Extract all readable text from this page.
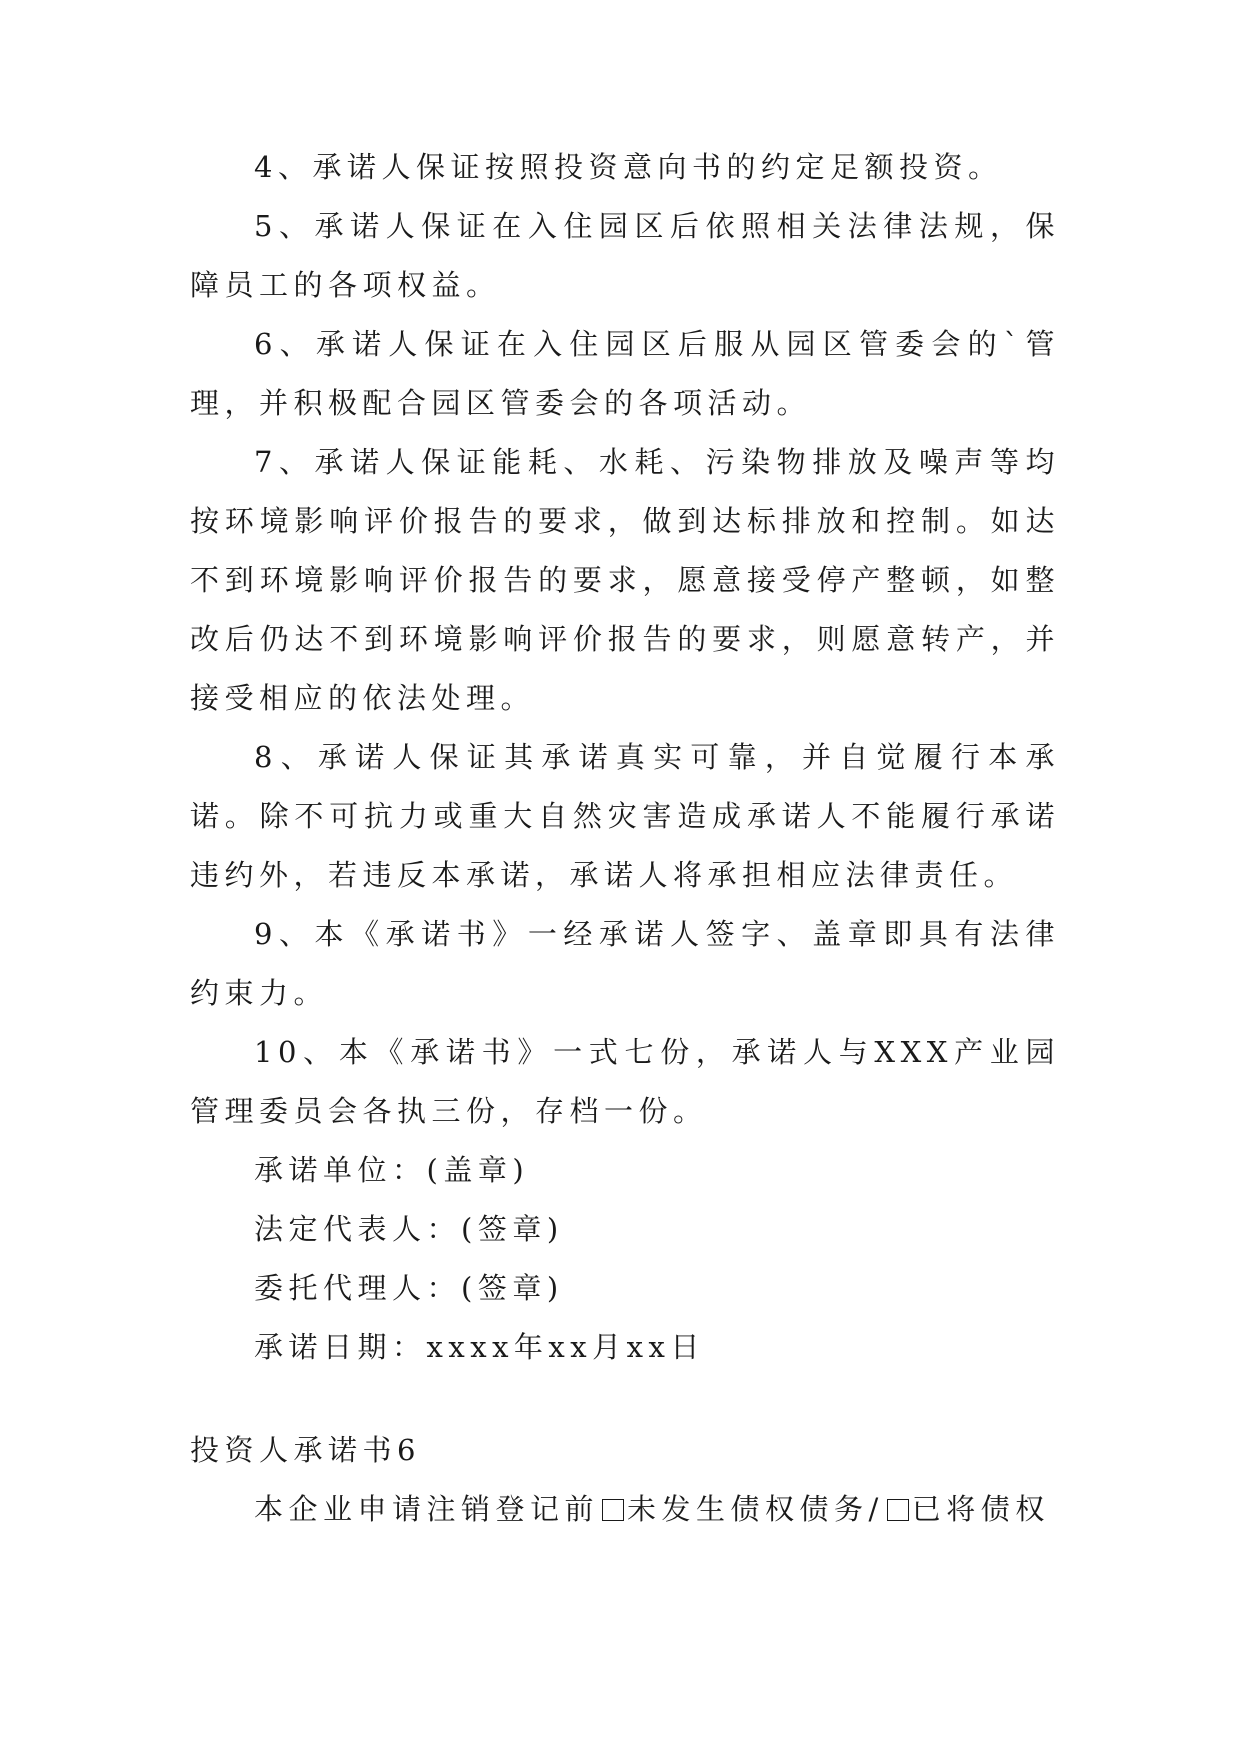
4、承诺人保证按照投资意向书的约定足额投资。

5、承诺人保证在入住园区后依照相关法律法规，保障员工的各项权益。

6、承诺人保证在入住园区后服从园区管委会的`管理，并积极配合园区管委会的各项活动。

7、承诺人保证能耗、水耗、污染物排放及噪声等均按环境影响评价报告的要求，做到达标排放和控制。如达不到环境影响评价报告的要求，愿意接受停产整顿，如整改后仍达不到环境影响评价报告的要求，则愿意转产，并接受相应的依法处理。

8、承诺人保证其承诺真实可靠，并自觉履行本承诺。除不可抗力或重大自然灾害造成承诺人不能履行承诺违约外，若违反本承诺，承诺人将承担相应法律责任。

9、本《承诺书》一经承诺人签字、盖章即具有法律约束力。

10、本《承诺书》一式七份，承诺人与XXX产业园管理委员会各执三份，存档一份。

承诺单位：(盖章)

法定代表人：(签章)

委托代理人：(签章)

承诺日期：xxxx年xx月xx日

投资人承诺书6

本企业申请注销登记前 未发生债权债务/ 已将债权
